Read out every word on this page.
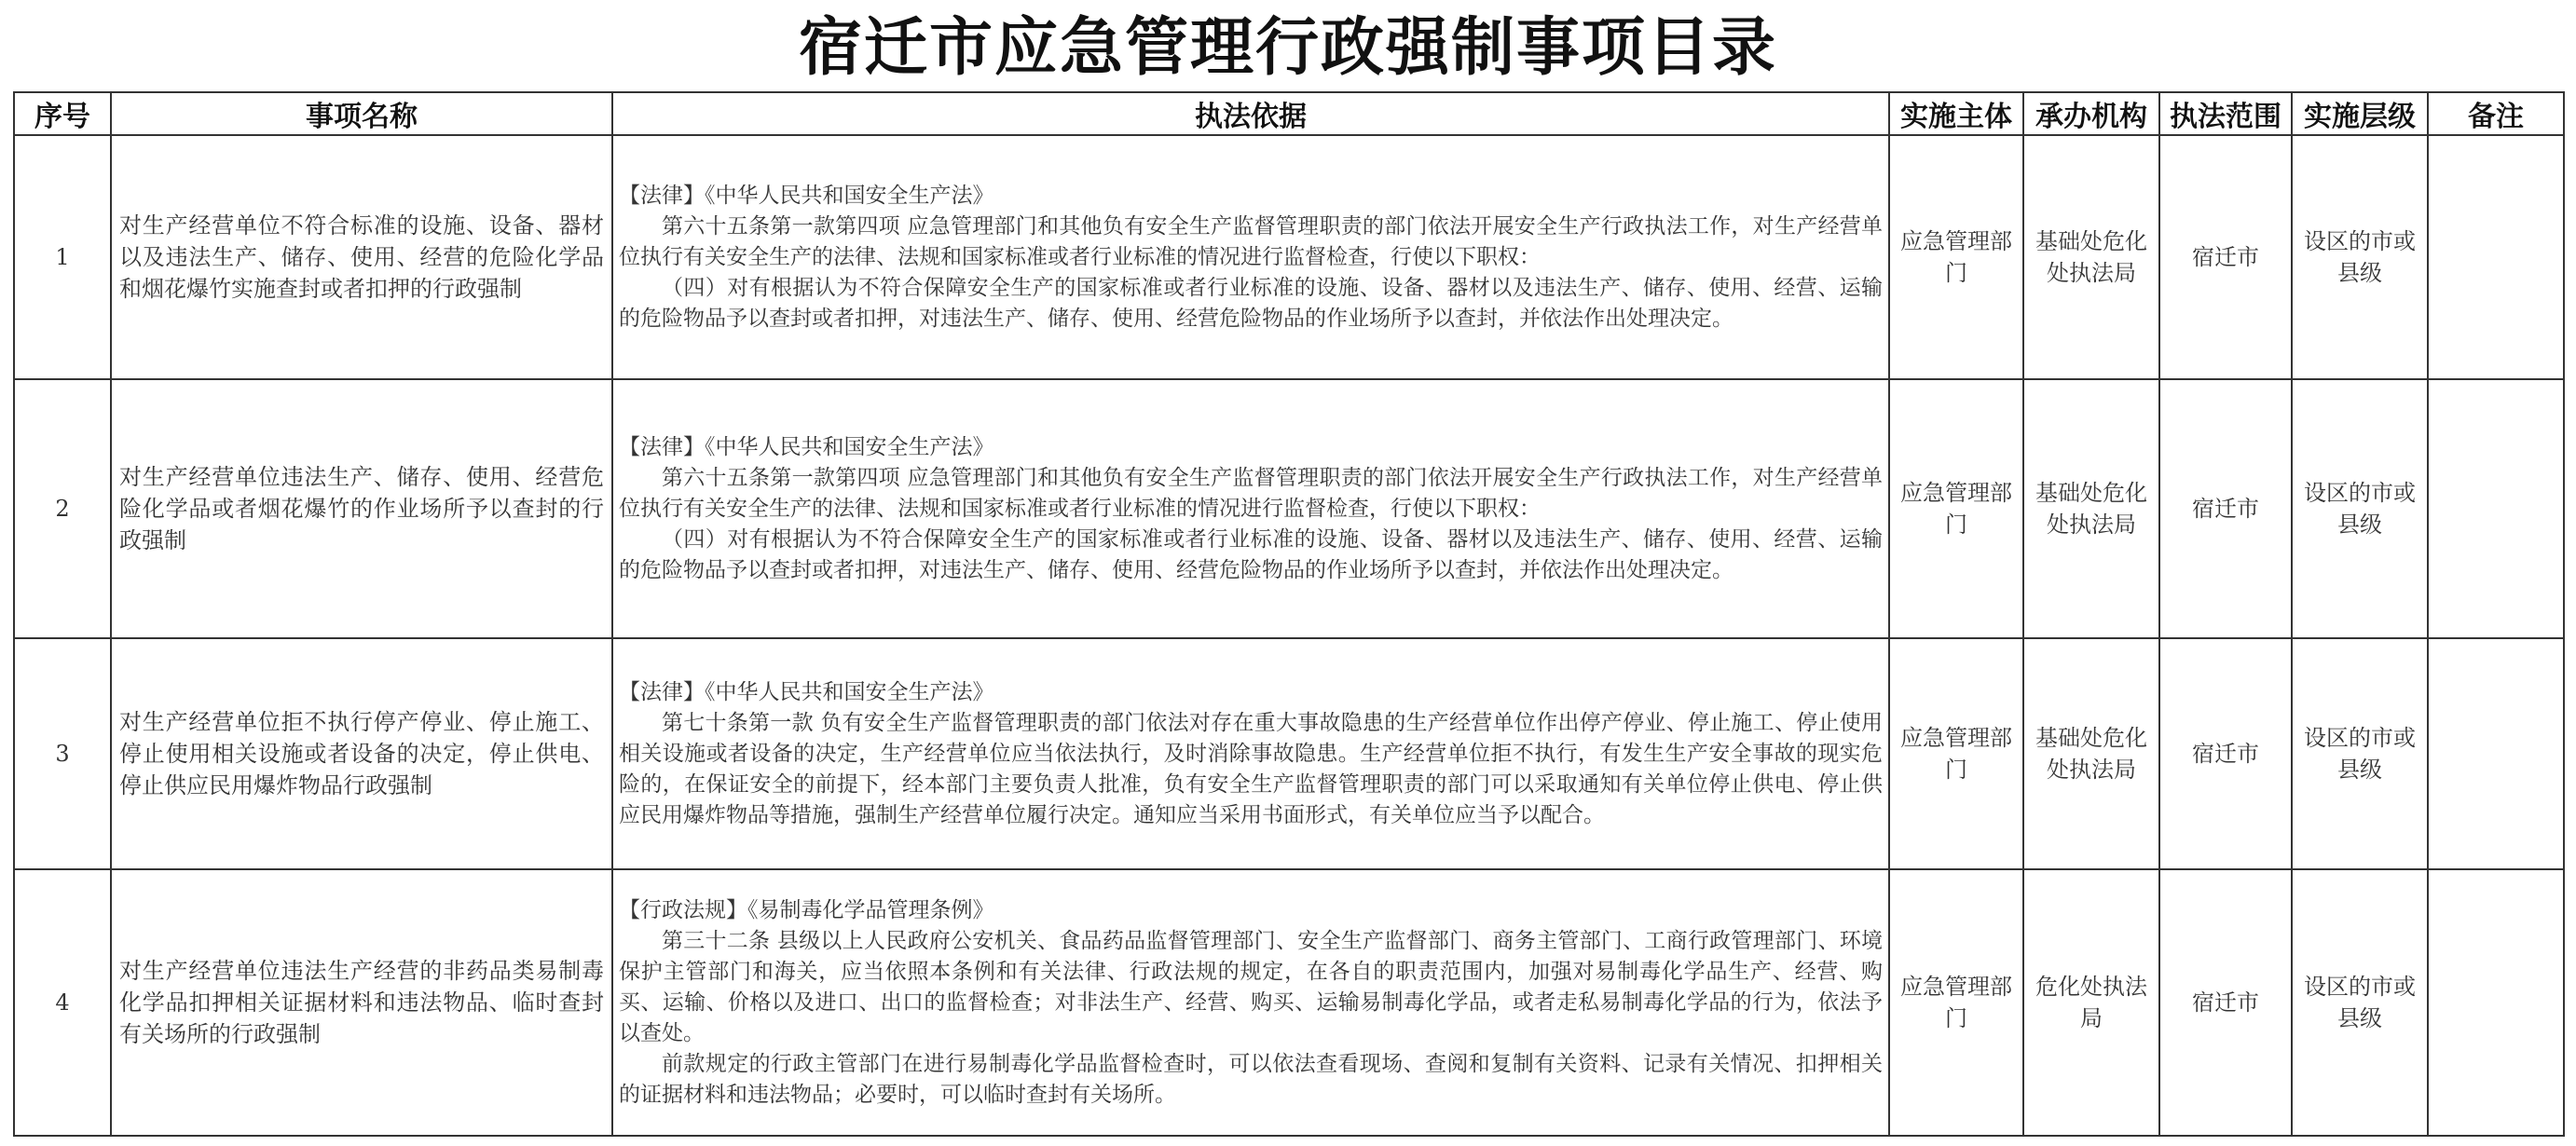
宿迁市应急管理行政强制事项目录
序号	事项名称	执法依据	实施主体	承办机构	执法范围	实施层级	备注
1	对生产经营单位不符合标准的设施、设备、器材以及违法生产、储存、使用、经营的危险化学品和烟花爆竹实施查封或者扣押的行政强制	【法律】《中华人民共和国安全生产法》

第六十五条第一款第四项 应急管理部门和其他负有安全生产监督管理职责的部门依法开展安全生产行政执法工作，对生产经营单位执行有关安全生产的法律、法规和国家标准或者行业标准的情况进行监督检查，行使以下职权：

（四）对有根据认为不符合保障安全生产的国家标准或者行业标准的设施、设备、器材以及违法生产、储存、使用、经营、运输的危险物品予以查封或者扣押，对违法生产、储存、使用、经营危险物品的作业场所予以查封，并依法作出处理决定。	应急管理部门	基础处危化处执法局	宿迁市	设区的市或县级	
2	对生产经营单位违法生产、储存、使用、经营危险化学品或者烟花爆竹的作业场所予以查封的行政强制	【法律】《中华人民共和国安全生产法》

第六十五条第一款第四项 应急管理部门和其他负有安全生产监督管理职责的部门依法开展安全生产行政执法工作，对生产经营单位执行有关安全生产的法律、法规和国家标准或者行业标准的情况进行监督检查，行使以下职权：

（四）对有根据认为不符合保障安全生产的国家标准或者行业标准的设施、设备、器材以及违法生产、储存、使用、经营、运输的危险物品予以查封或者扣押，对违法生产、储存、使用、经营危险物品的作业场所予以查封，并依法作出处理决定。	应急管理部门	基础处危化处执法局	宿迁市	设区的市或县级	
3	对生产经营单位拒不执行停产停业、停止施工、停止使用相关设施或者设备的决定，停止供电、停止供应民用爆炸物品行政强制	【法律】《中华人民共和国安全生产法》

第七十条第一款 负有安全生产监督管理职责的部门依法对存在重大事故隐患的生产经营单位作出停产停业、停止施工、停止使用相关设施或者设备的决定，生产经营单位应当依法执行，及时消除事故隐患。生产经营单位拒不执行，有发生生产安全事故的现实危险的，在保证安全的前提下，经本部门主要负责人批准，负有安全生产监督管理职责的部门可以采取通知有关单位停止供电、停止供应民用爆炸物品等措施，强制生产经营单位履行决定。通知应当采用书面形式，有关单位应当予以配合。	应急管理部门	基础处危化处执法局	宿迁市	设区的市或县级	
4	对生产经营单位违法生产经营的非药品类易制毒化学品扣押相关证据材料和违法物品、临时查封有关场所的行政强制	【行政法规】《易制毒化学品管理条例》

第三十二条 县级以上人民政府公安机关、食品药品监督管理部门、安全生产监督部门、商务主管部门、工商行政管理部门、环境保护主管部门和海关，应当依照本条例和有关法律、行政法规的规定，在各自的职责范围内，加强对易制毒化学品生产、经营、购买、运输、价格以及进口、出口的监督检查；对非法生产、经营、购买、运输易制毒化学品，或者走私易制毒化学品的行为，依法予以查处。

前款规定的行政主管部门在进行易制毒化学品监督检查时，可以依法查看现场、查阅和复制有关资料、记录有关情况、扣押相关的证据材料和违法物品；必要时，可以临时查封有关场所。	应急管理部门	危化处执法局	宿迁市	设区的市或县级	
